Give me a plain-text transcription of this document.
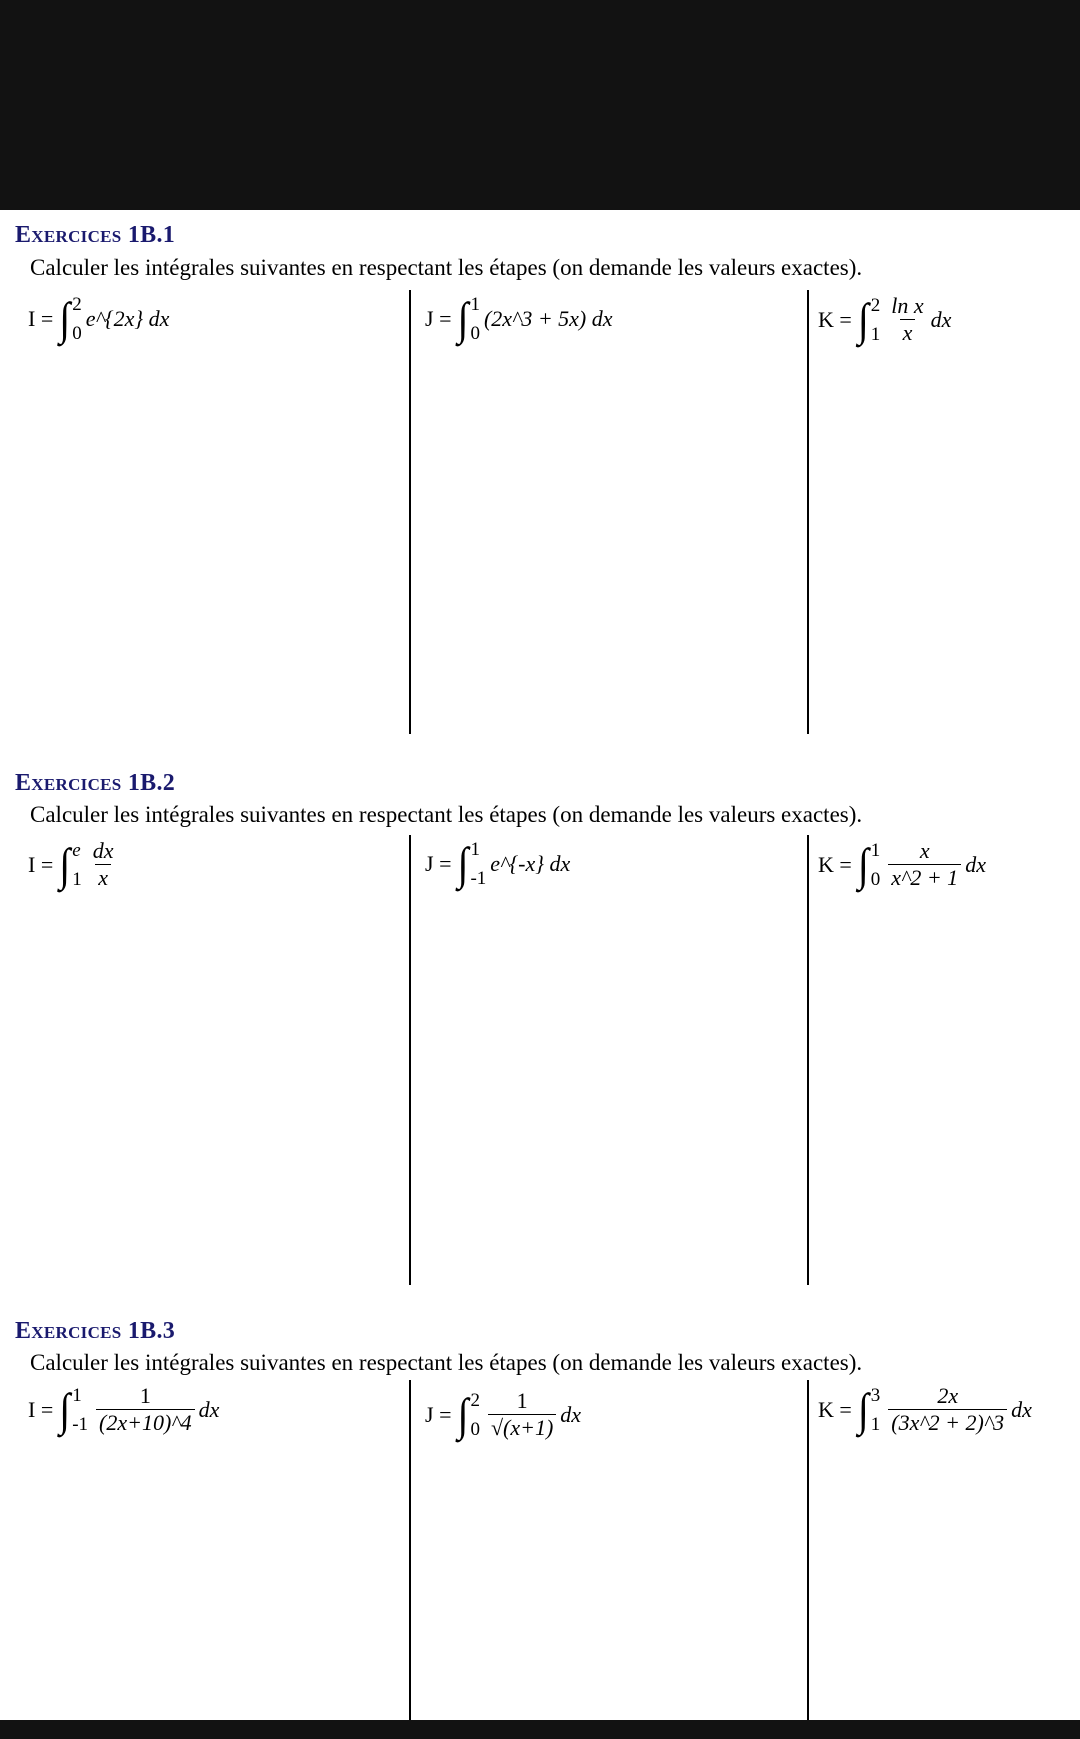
Exercices 1B.1
Calculer les intégrales suivantes en respectant les étapes (on demande les valeurs exactes).
I = ∫ 2
0
e^{2x}
dx	J = ∫ 1
0
(2x^3 + 5x)
dx	K = ∫ 2
$1 \frac{\text{ln x}}{x}$ dx
Exercices 1B.2
Calculer les intégrales suivantes en respectant les étapes (on demande les valeurs exactes).
I = ∫ e
$1 \frac{dx}{x}$	J = ∫ 1
-1
e^{-x}
dx	K = ∫ 1
$0 \frac{x}{x\^{}2 + 1}$ dx
Exercices 1B.3
Calculer les intégrales suivantes en respectant les étapes (on demande les valeurs exactes).
I = ∫ 1
$-1 \frac{1}{(2x+10)\^{}4}$ dx	J = ∫ 2
$0 \frac{1}{√(x+1)}$ dx	K = ∫ 3
$1 \frac{2x}{(3x\^{}2 + 2)\^{}3}$ dx
